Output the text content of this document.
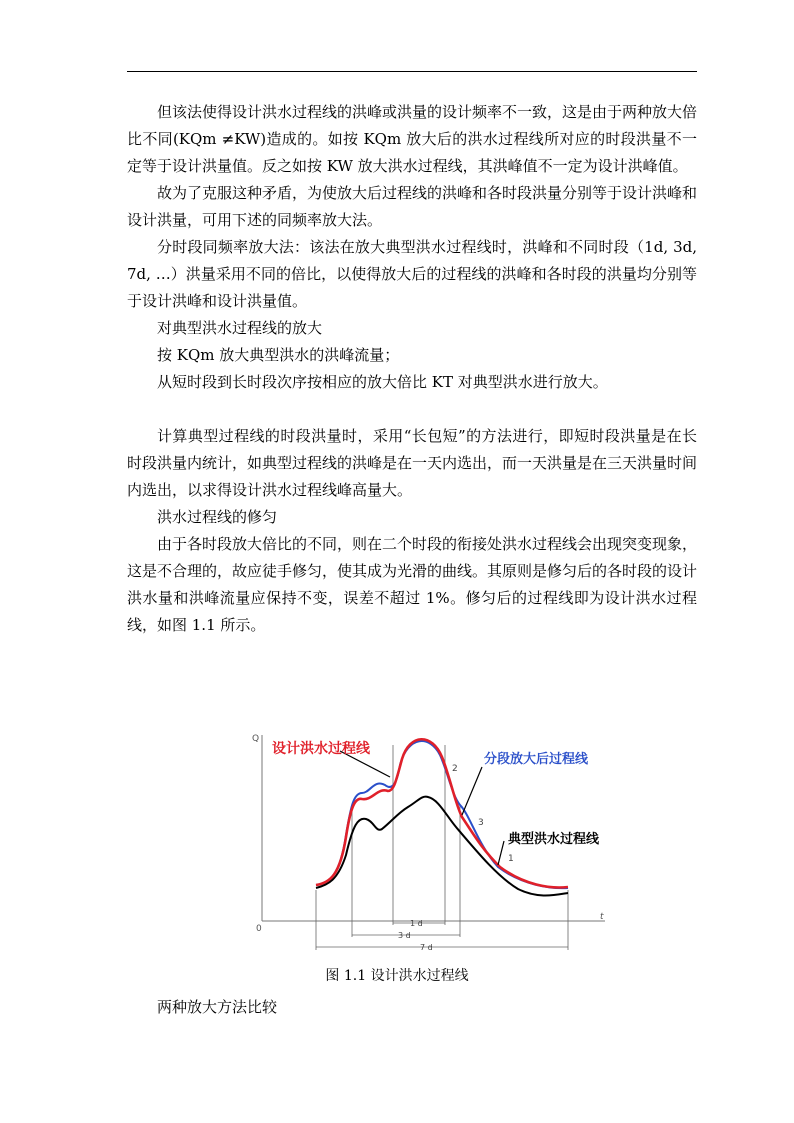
但该法使得设计洪水过程线的洪峰或洪量的设计频率不一致，这是由于两种放大倍比不同(KQm ≠KW)造成的。如按 KQm 放大后的洪水过程线所对应的时段洪量不一定等于设计洪量值。反之如按 KW 放大洪水过程线，其洪峰值不一定为设计洪峰值。

故为了克服这种矛盾，为使放大后过程线的洪峰和各时段洪量分别等于设计洪峰和设计洪量，可用下述的同频率放大法。

分时段同频率放大法：该法在放大典型洪水过程线时，洪峰和不同时段（1d, 3d, 7d, …）洪量采用不同的倍比，以使得放大后的过程线的洪峰和各时段的洪量均分别等于设计洪峰和设计洪量值。

对典型洪水过程线的放大

按 KQm 放大典型洪水的洪峰流量；

从短时段到长时段次序按相应的放大倍比 KT 对典型洪水进行放大。

计算典型过程线的时段洪量时，采用“长包短”的方法进行，即短时段洪量是在长时段洪量内统计，如典型过程线的洪峰是在一天内选出，而一天洪量是在三天洪量时间内选出，以求得设计洪水过程线峰高量大。

洪水过程线的修匀

由于各时段放大倍比的不同，则在二个时段的衔接处洪水过程线会出现突变现象，这是不合理的，故应徒手修匀，使其成为光滑的曲线。其原则是修匀后的各时段的设计洪水量和洪峰流量应保持不变，误差不超过 1%。修匀后的过程线即为设计洪水过程线，如图 1.1 所示。

Q
0
t
1 d
3 d
7 d
2
3
1
设计洪水过程线
分段放大后过程线
典型洪水过程线
图 1.1 设计洪水过程线
两种放大方法比较
